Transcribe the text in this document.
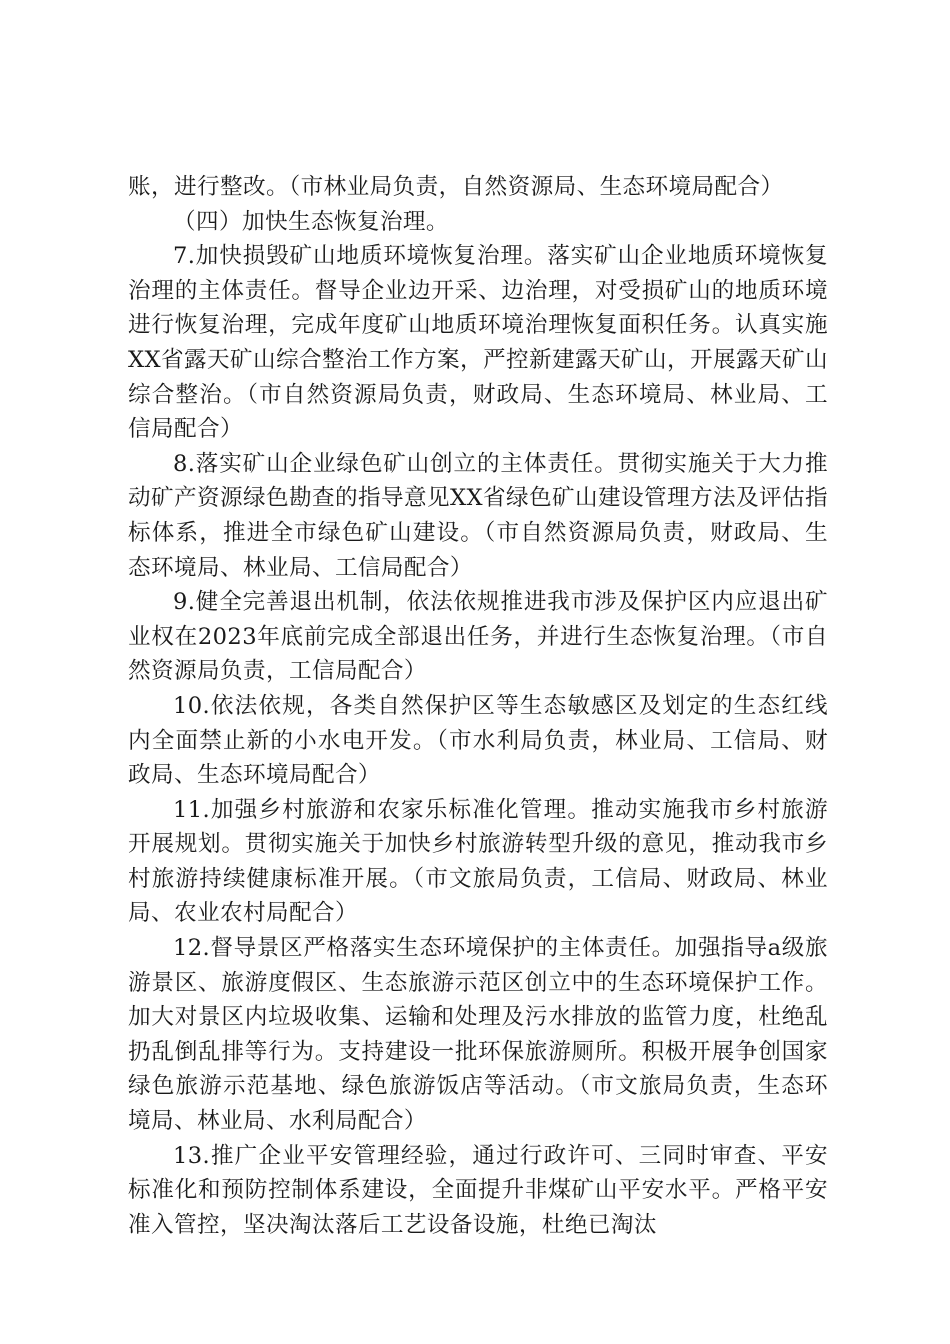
账，进行整改。（市林业局负责，自然资源局、生态环境局配合）

（四）加快生态恢复治理。

7.加快损毁矿山地质环境恢复治理。落实矿山企业地质环境恢复治理的主体责任。督导企业边开采、边治理，对受损矿山的地质环境进行恢复治理，完成年度矿山地质环境治理恢复面积任务。认真实施XX省露天矿山综合整治工作方案，严控新建露天矿山，开展露天矿山综合整治。（市自然资源局负责，财政局、生态环境局、林业局、工信局配合）

8.落实矿山企业绿色矿山创立的主体责任。贯彻实施关于大力推动矿产资源绿色勘查的指导意见XX省绿色矿山建设管理方法及评估指标体系，推进全市绿色矿山建设。（市自然资源局负责，财政局、生态环境局、林业局、工信局配合）

9.健全完善退出机制，依法依规推进我市涉及保护区内应退出矿业权在2023年底前完成全部退出任务，并进行生态恢复治理。（市自然资源局负责，工信局配合）

10.依法依规，各类自然保护区等生态敏感区及划定的生态红线内全面禁止新的小水电开发。（市水利局负责，林业局、工信局、财政局、生态环境局配合）

11.加强乡村旅游和农家乐标准化管理。推动实施我市乡村旅游开展规划。贯彻实施关于加快乡村旅游转型升级的意见，推动我市乡村旅游持续健康标准开展。（市文旅局负责，工信局、财政局、林业局、农业农村局配合）

12.督导景区严格落实生态环境保护的主体责任。加强指导a级旅游景区、旅游度假区、生态旅游示范区创立中的生态环境保护工作。加大对景区内垃圾收集、运输和处理及污水排放的监管力度，杜绝乱扔乱倒乱排等行为。支持建设一批环保旅游厕所。积极开展争创国家绿色旅游示范基地、绿色旅游饭店等活动。（市文旅局负责，生态环境局、林业局、水利局配合）

13.推广企业平安管理经验，通过行政许可、三同时审查、平安标准化和预防控制体系建设，全面提升非煤矿山平安水平。严格平安准入管控，坚决淘汰落后工艺设备设施，杜绝已淘汰
